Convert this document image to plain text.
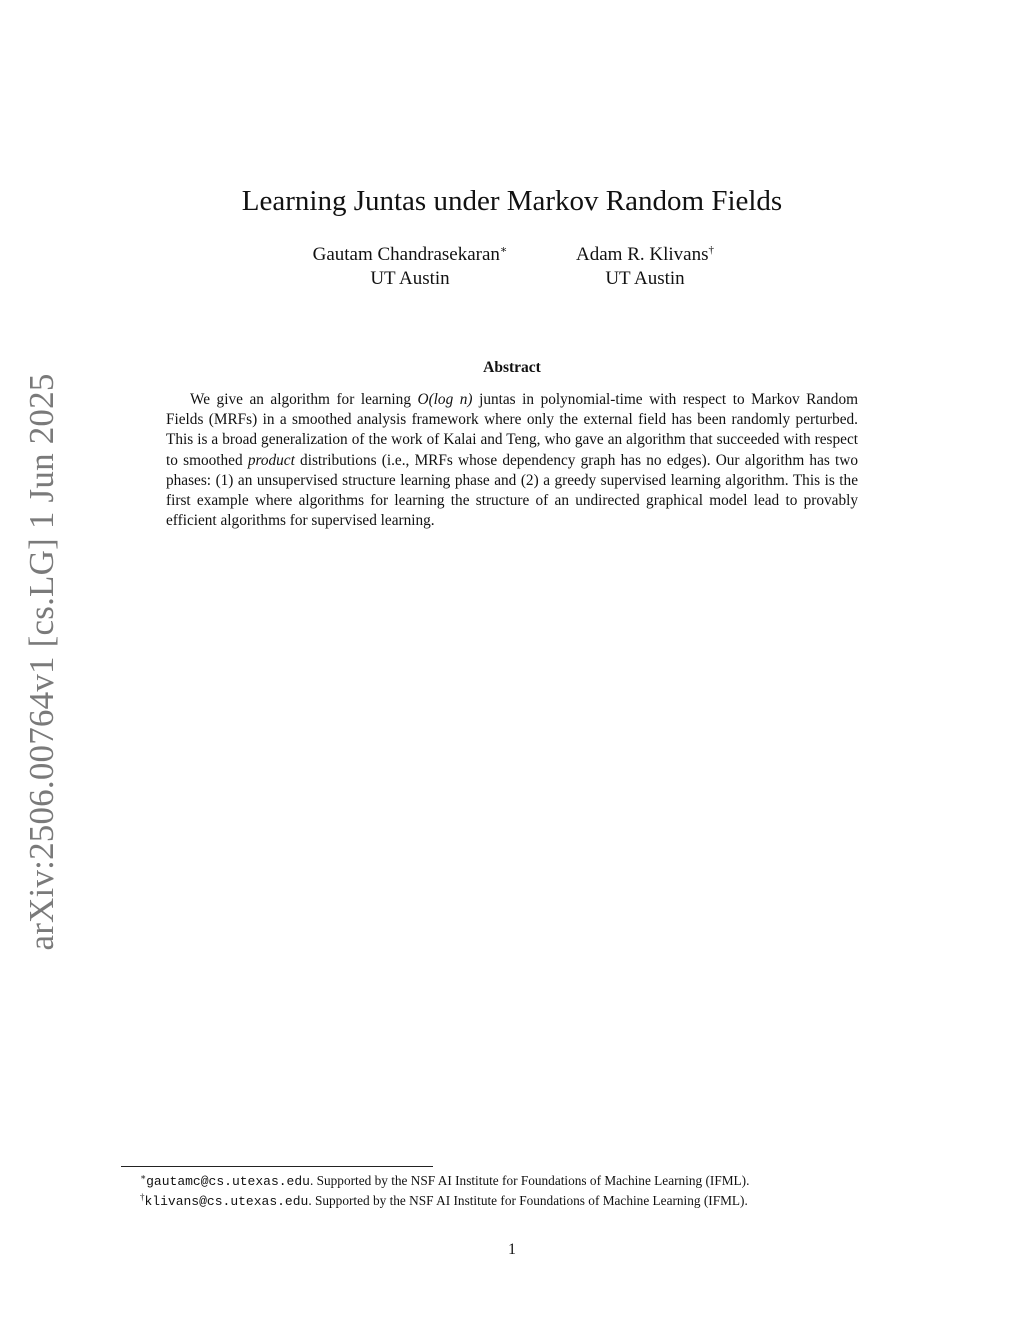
arXiv:2506.00764v1 [cs.LG] 1 Jun 2025
Learning Juntas under Markov Random Fields
Gautam Chandrasekaran∗
UT Austin
Adam R. Klivans†
UT Austin
Abstract

We give an algorithm for learning O(log n) juntas in polynomial-time with respect to Markov Random Fields (MRFs) in a smoothed analysis framework where only the external field has been randomly perturbed. This is a broad generalization of the work of Kalai and Teng, who gave an algorithm that succeeded with respect to smoothed product distributions (i.e., MRFs whose dependency graph has no edges). Our algorithm has two phases: (1) an unsupervised structure learning phase and (2) a greedy supervised learning algorithm. This is the first example where algorithms for learning the structure of an undirected graphical model lead to provably efficient algorithms for supervised learning.

∗gautamc@cs.utexas.edu. Supported by the NSF AI Institute for Foundations of Machine Learning (IFML).
†klivans@cs.utexas.edu. Supported by the NSF AI Institute for Foundations of Machine Learning (IFML).
1
